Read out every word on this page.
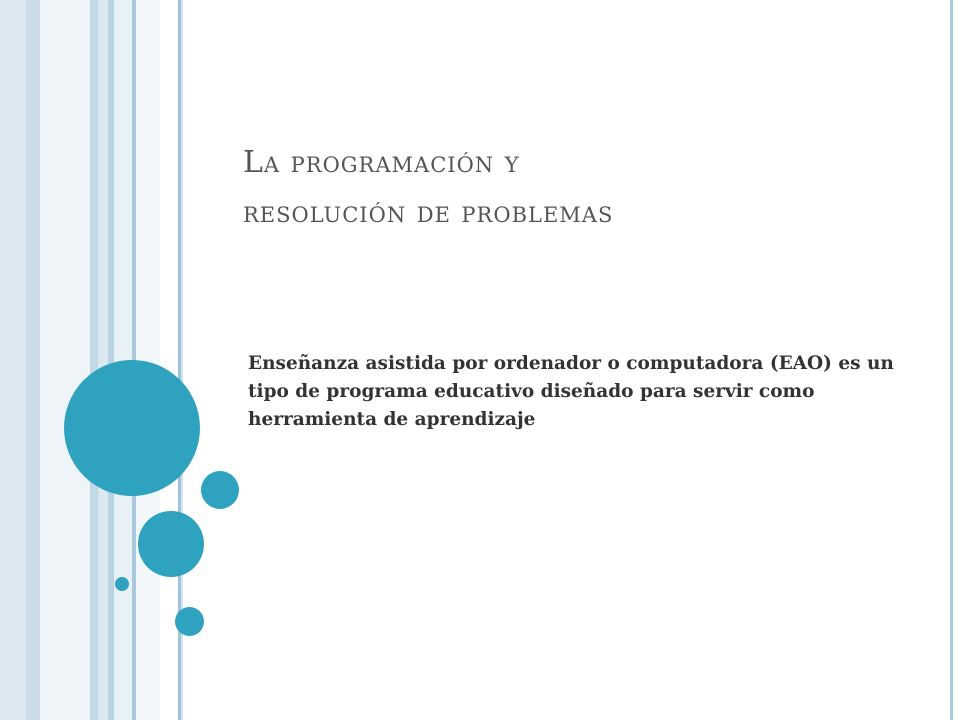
La programación y
resolución de problemas

Enseñanza asistida por ordenador o computadora (EAO) es un tipo de programa educativo diseñado para servir como herramienta de aprendizaje
